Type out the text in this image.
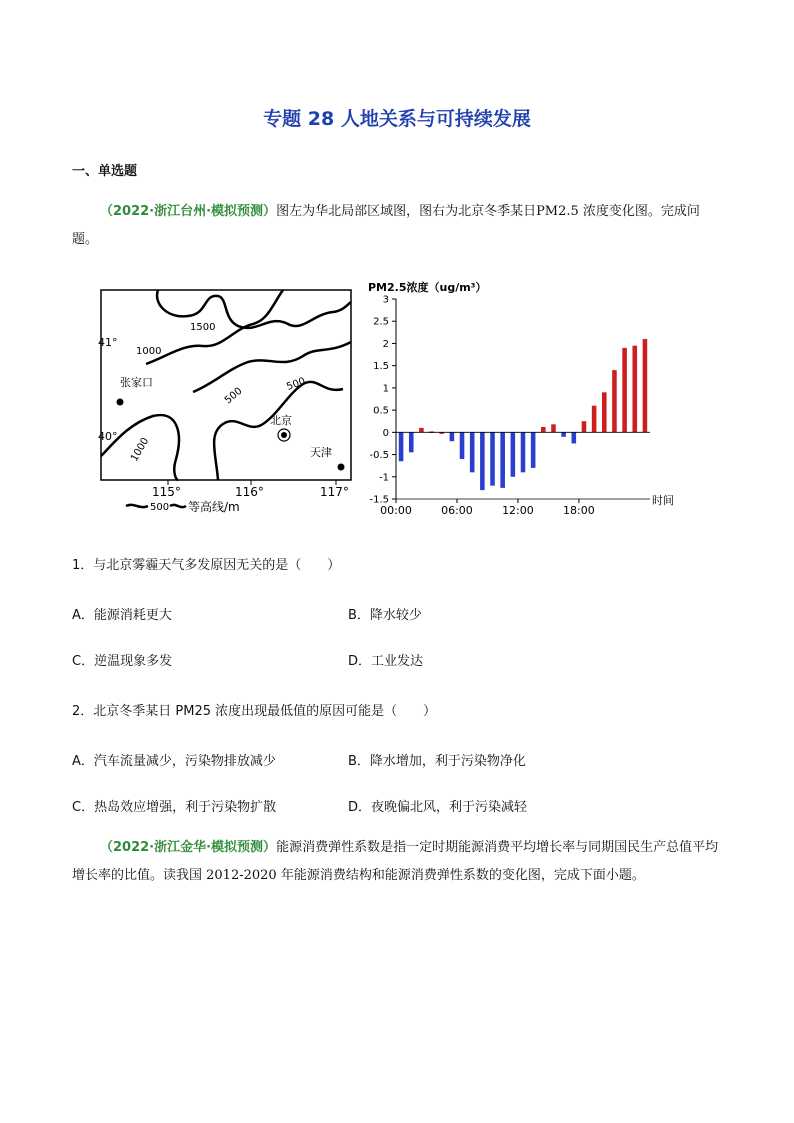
专题 28 人地关系与可持续发展
一、单选题
（2022·浙江台州·模拟预测）图左为华北局部区域图，图右为北京冬季某日PM2.5 浓度变化图。完成问题。
1000
1500
500
500
1000
张家口
北京
天津
41°
40°
115°	116°	117°
500 等高线/m
PM2.5浓度（ug/m³）
3
2.5
2
1.5
1
0.5
0
-0.5
-1
-1.5
00:00	06:00	12:00	18:00
时间
1．与北京雾霾天气多发原因无关的是（　　）
A．能源消耗更大	B．降水较少
C．逆温现象多发	D．工业发达
2．北京冬季某日 PM25 浓度出现最低值的原因可能是（　　）
A．汽车流量减少，污染物排放减少	B．降水增加，利于污染物净化
C．热岛效应增强，利于污染物扩散	D．夜晚偏北风，利于污染减轻
（2022·浙江金华·模拟预测）能源消费弹性系数是指一定时期能源消费平均增长率与同期国民生产总值平均增长率的比值。读我国 2012-2020 年能源消费结构和能源消费弹性系数的变化图，完成下面小题。
